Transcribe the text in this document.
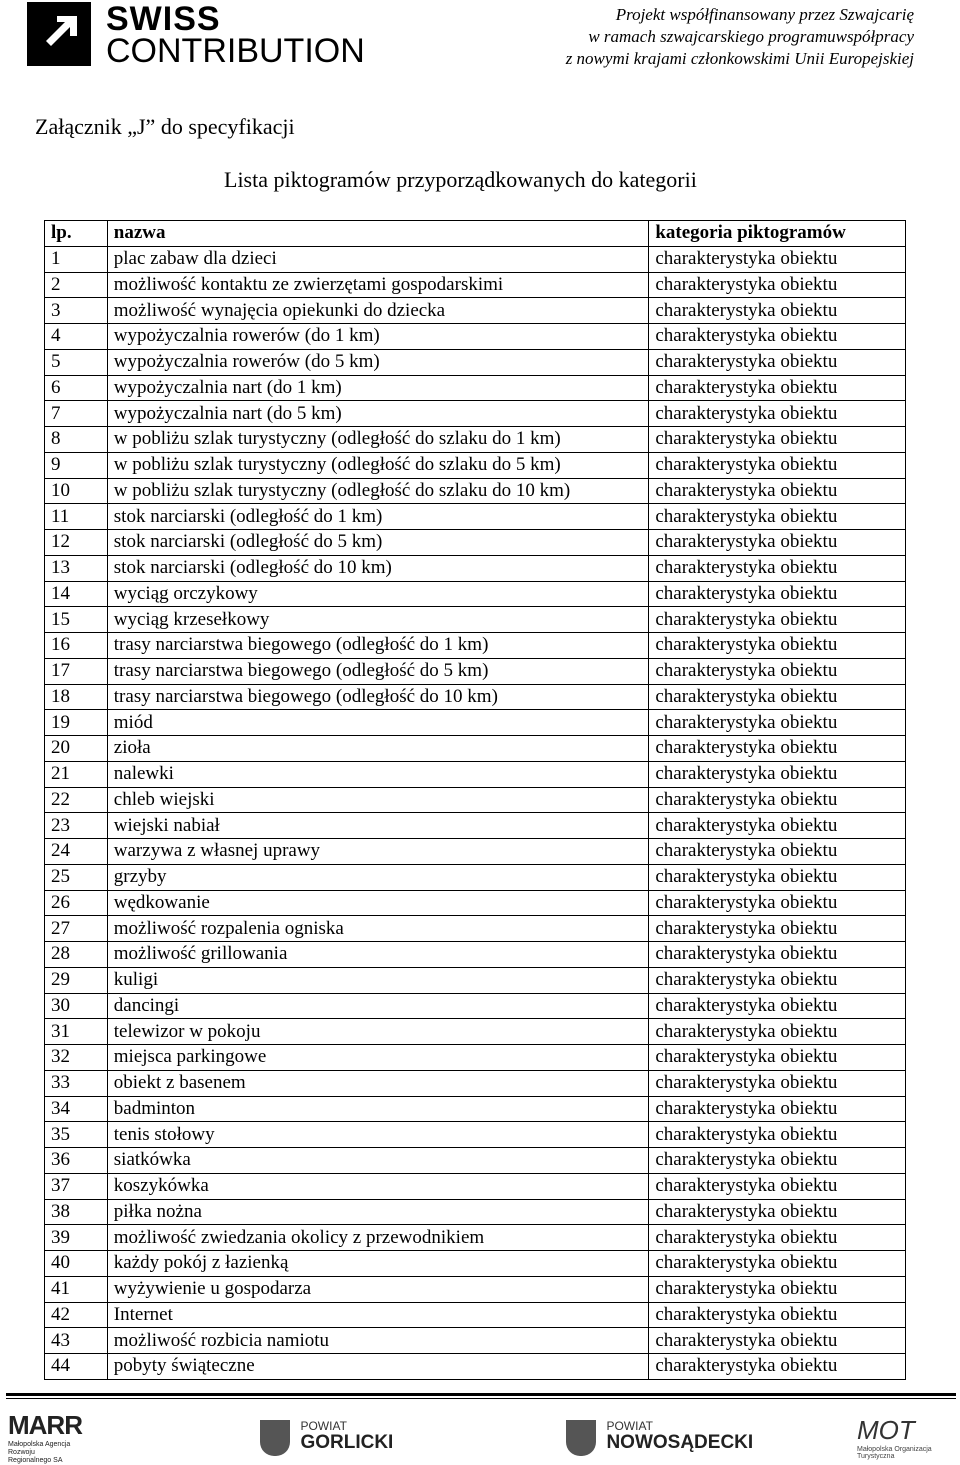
SWISS
CONTRIBUTION
Projekt współfinansowany przez Szwajcarię
w ramach szwajcarskiego programuwspółpracy
z nowymi krajami członkowskimi Unii Europejskiej
Załącznik „J” do specyfikacji
Lista piktogramów przyporządkowanych do kategorii
lp.	nazwa	kategoria piktogramów
1	plac zabaw dla dzieci	charakterystyka obiektu
2	możliwość kontaktu ze zwierzętami gospodarskimi	charakterystyka obiektu
3	możliwość wynajęcia opiekunki do dziecka	charakterystyka obiektu
4	wypożyczalnia rowerów (do 1 km)	charakterystyka obiektu
5	wypożyczalnia rowerów (do 5 km)	charakterystyka obiektu
6	wypożyczalnia nart (do 1 km)	charakterystyka obiektu
7	wypożyczalnia nart (do 5 km)	charakterystyka obiektu
8	w pobliżu szlak turystyczny (odległość do szlaku do 1 km)	charakterystyka obiektu
9	w pobliżu szlak turystyczny (odległość do szlaku do 5 km)	charakterystyka obiektu
10	w pobliżu szlak turystyczny (odległość do szlaku do 10 km)	charakterystyka obiektu
11	stok narciarski (odległość do 1 km)	charakterystyka obiektu
12	stok narciarski (odległość do 5 km)	charakterystyka obiektu
13	stok narciarski (odległość do 10 km)	charakterystyka obiektu
14	wyciąg orczykowy	charakterystyka obiektu
15	wyciąg krzesełkowy	charakterystyka obiektu
16	trasy narciarstwa biegowego (odległość do 1 km)	charakterystyka obiektu
17	trasy narciarstwa biegowego (odległość do 5 km)	charakterystyka obiektu
18	trasy narciarstwa biegowego (odległość do 10 km)	charakterystyka obiektu
19	miód	charakterystyka obiektu
20	zioła	charakterystyka obiektu
21	nalewki	charakterystyka obiektu
22	chleb wiejski	charakterystyka obiektu
23	wiejski nabiał	charakterystyka obiektu
24	warzywa z własnej uprawy	charakterystyka obiektu
25	grzyby	charakterystyka obiektu
26	wędkowanie	charakterystyka obiektu
27	możliwość rozpalenia ogniska	charakterystyka obiektu
28	możliwość grillowania	charakterystyka obiektu
29	kuligi	charakterystyka obiektu
30	dancingi	charakterystyka obiektu
31	telewizor w pokoju	charakterystyka obiektu
32	miejsca parkingowe	charakterystyka obiektu
33	obiekt z basenem	charakterystyka obiektu
34	badminton	charakterystyka obiektu
35	tenis stołowy	charakterystyka obiektu
36	siatkówka	charakterystyka obiektu
37	koszykówka	charakterystyka obiektu
38	piłka nożna	charakterystyka obiektu
39	możliwość zwiedzania okolicy z przewodnikiem	charakterystyka obiektu
40	każdy pokój z łazienką	charakterystyka obiektu
41	wyżywienie u gospodarza	charakterystyka obiektu
42	Internet	charakterystyka obiektu
43	możliwość rozbicia namiotu	charakterystyka obiektu
44	pobyty świąteczne	charakterystyka obiektu
MARR
Małopolska Agencja Rozwoju Regionalnego SA

POWIAT
GORLICKI

POWIAT
NOWOSĄDECKI	MOT
Małopolska Organizacja Turystyczna
